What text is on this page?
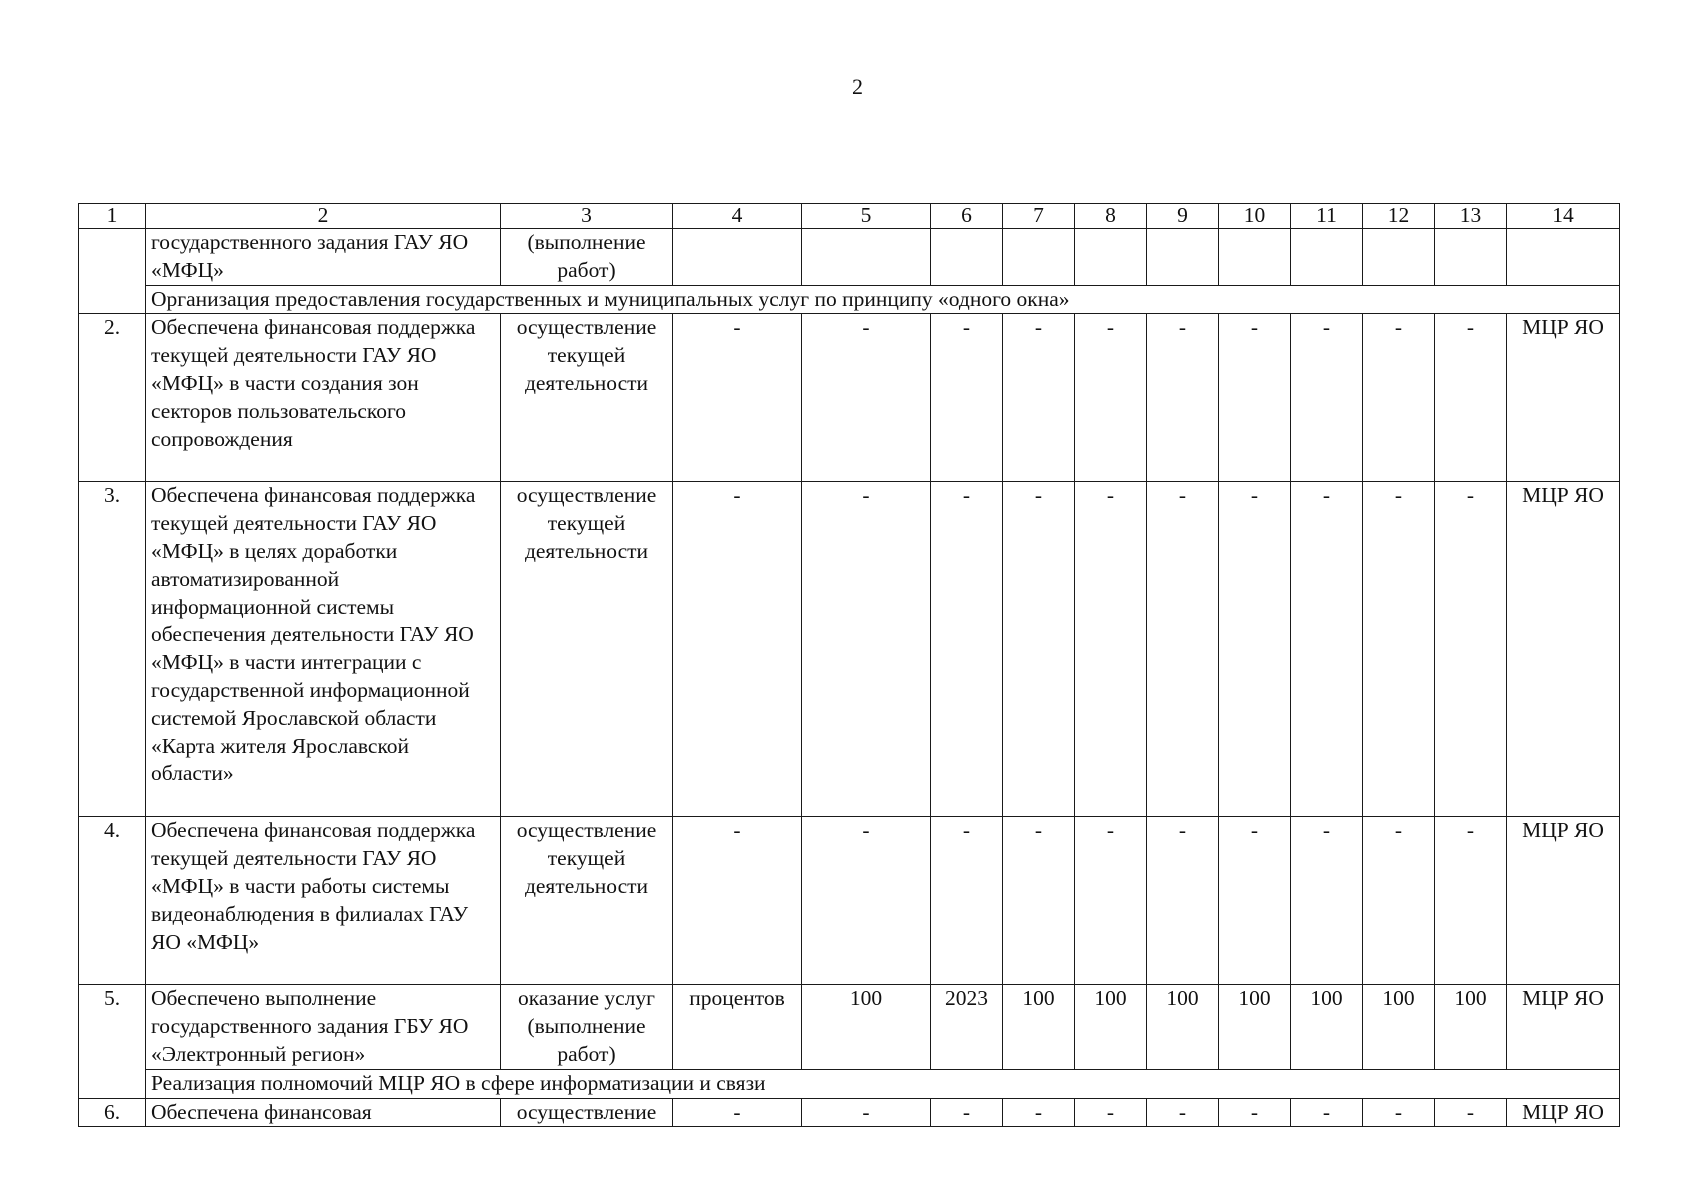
2
1	2	3	4	5	6	7	8	9	10	11	12	13	14
	государственного задания ГАУ ЯО «МФЦ»	(выполнение работ)											
	Организация предоставления государственных и муниципальных услуг по принципу «одного окна»												
2.	Обеспечена финансовая поддержка текущей деятельности ГАУ ЯО «МФЦ» в части создания зон секторов пользовательского сопровождения	осуществление текущей деятельности	-	-	-	-	-	-	-	-	-	-	МЦР ЯО
3.	Обеспечена финансовая поддержка текущей деятельности ГАУ ЯО «МФЦ» в целях доработки автоматизированной информационной системы обеспечения деятельности ГАУ ЯО «МФЦ» в части интеграции с государственной информационной системой Ярославской области «Карта жителя Ярославской области»	осуществление текущей деятельности	-	-	-	-	-	-	-	-	-	-	МЦР ЯО
4.	Обеспечена финансовая поддержка текущей деятельности ГАУ ЯО «МФЦ» в части работы системы видеонаблюдения в филиалах ГАУ ЯО «МФЦ»	осуществление текущей деятельности	-	-	-	-	-	-	-	-	-	-	МЦР ЯО
5.	Обеспечено выполнение государственного задания ГБУ ЯО «Электронный регион»	оказание услуг (выполнение работ)	процентов	100	2023	100	100	100	100	100	100	100	МЦР ЯО
	Реализация полномочий МЦР ЯО в сфере информатизации и связи												
6.	Обеспечена финансовая	осуществление	-	-	-	-	-	-	-	-	-	-	МЦР ЯО
